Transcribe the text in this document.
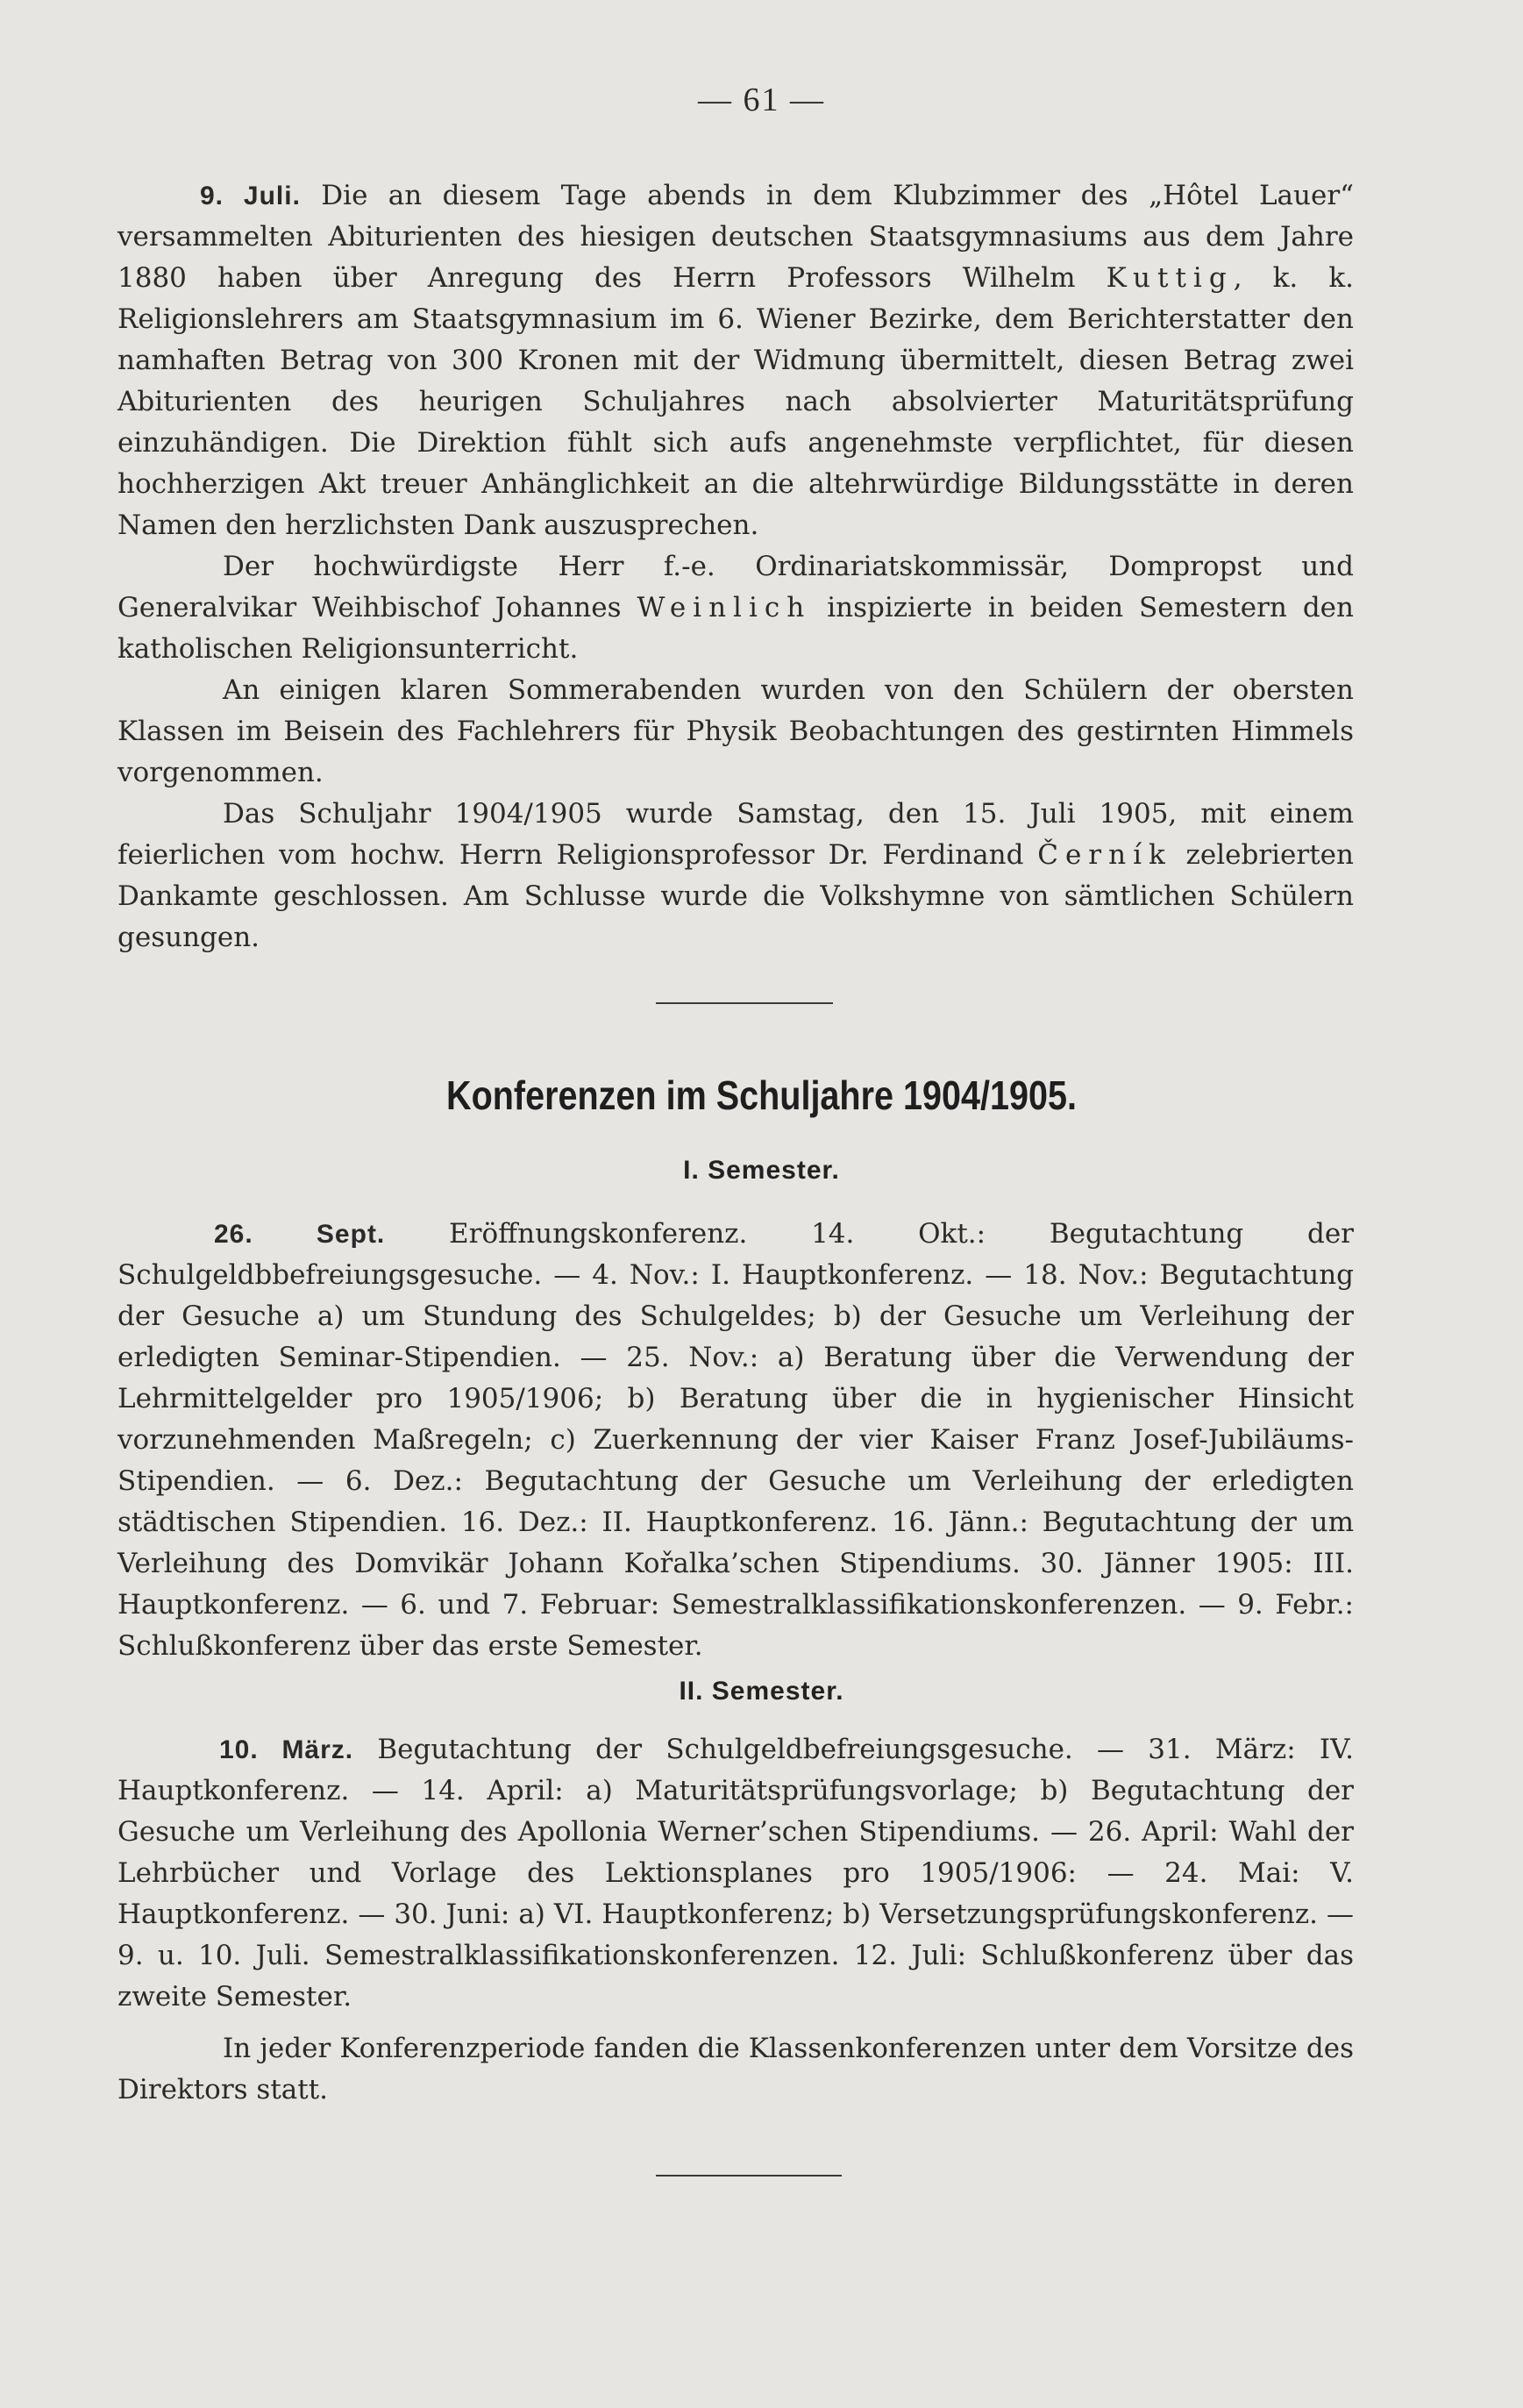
— 61 —

9. Juli. Die an diesem Tage abends in dem Klubzimmer des „Hôtel Lauer“ versammelten Abiturienten des hiesigen deutschen Staatsgymnasiums aus dem Jahre 1880 haben über Anregung des Herrn Professors Wilhelm Kuttig, k. k. Religionslehrers am Staatsgymnasium im 6. Wiener Bezirke, dem Berichterstatter den namhaften Betrag von 300 Kronen mit der Widmung übermittelt, diesen Betrag zwei Abiturienten des heurigen Schuljahres nach absolvierter Maturitätsprüfung einzuhändigen. Die Direktion fühlt sich aufs angenehmste verpflichtet, für diesen hochherzigen Akt treuer Anhänglichkeit an die altehrwürdige Bildungsstätte in deren Namen den herzlichsten Dank auszusprechen.

Der hochwürdigste Herr f.-e. Ordinariatskommissär, Dompropst und Generalvikar Weihbischof Johannes Weinlich inspizierte in beiden Semestern den katholischen Religionsunterricht.

An einigen klaren Sommerabenden wurden von den Schülern der obersten Klassen im Beisein des Fachlehrers für Physik Beobachtungen des gestirnten Himmels vorgenommen.

Das Schuljahr 1904/1905 wurde Samstag, den 15. Juli 1905, mit einem feierlichen vom hochw. Herrn Religionsprofessor Dr. Ferdinand Černík zelebrierten Dankamte geschlossen. Am Schlusse wurde die Volkshymne von sämtlichen Schülern gesungen.

Konferenzen im Schuljahre 1904/1905.
I. Semester.

26. Sept. Eröffnungskonferenz. 14. Okt.: Begutachtung der Schulgeldbbefreiungsgesuche. — 4. Nov.: I. Hauptkonferenz. — 18. Nov.: Begutachtung der Gesuche a) um Stundung des Schulgeldes; b) der Gesuche um Verleihung der erledigten Seminar-Stipendien. — 25. Nov.: a) Beratung über die Verwendung der Lehrmittelgelder pro 1905/1906; b) Beratung über die in hygienischer Hinsicht vorzunehmenden Maßregeln; c) Zuerkennung der vier Kaiser Franz Josef-Jubiläums-Stipendien. — 6. Dez.: Begutachtung der Gesuche um Verleihung der erledigten städtischen Stipendien. 16. Dez.: II. Hauptkonferenz. 16. Jänn.: Begutachtung der um Verleihung des Domvikär Johann Kořalka’schen Stipendiums. 30. Jänner 1905: III. Hauptkonferenz. — 6. und 7. Februar: Semestralklassifikationskonferenzen. — 9. Febr.: Schlußkonferenz über das erste Semester.

II. Semester.

10. März. Begutachtung der Schulgeldbefreiungsgesuche. — 31. März: IV. Hauptkonferenz. — 14. April: a) Maturitätsprüfungsvorlage; b) Begutachtung der Gesuche um Verleihung des Apollonia Werner’schen Stipendiums. — 26. April: Wahl der Lehrbücher und Vorlage des Lektionsplanes pro 1905/1906: — 24. Mai: V. Hauptkonferenz. — 30. Juni: a) VI. Hauptkonferenz; b) Versetzungsprüfungskonferenz. — 9. u. 10. Juli. Semestralklassifikationskonferenzen. 12. Juli: Schlußkonferenz über das zweite Semester.

In jeder Konferenzperiode fanden die Klassenkonferenzen unter dem Vorsitze des Direktors statt.
